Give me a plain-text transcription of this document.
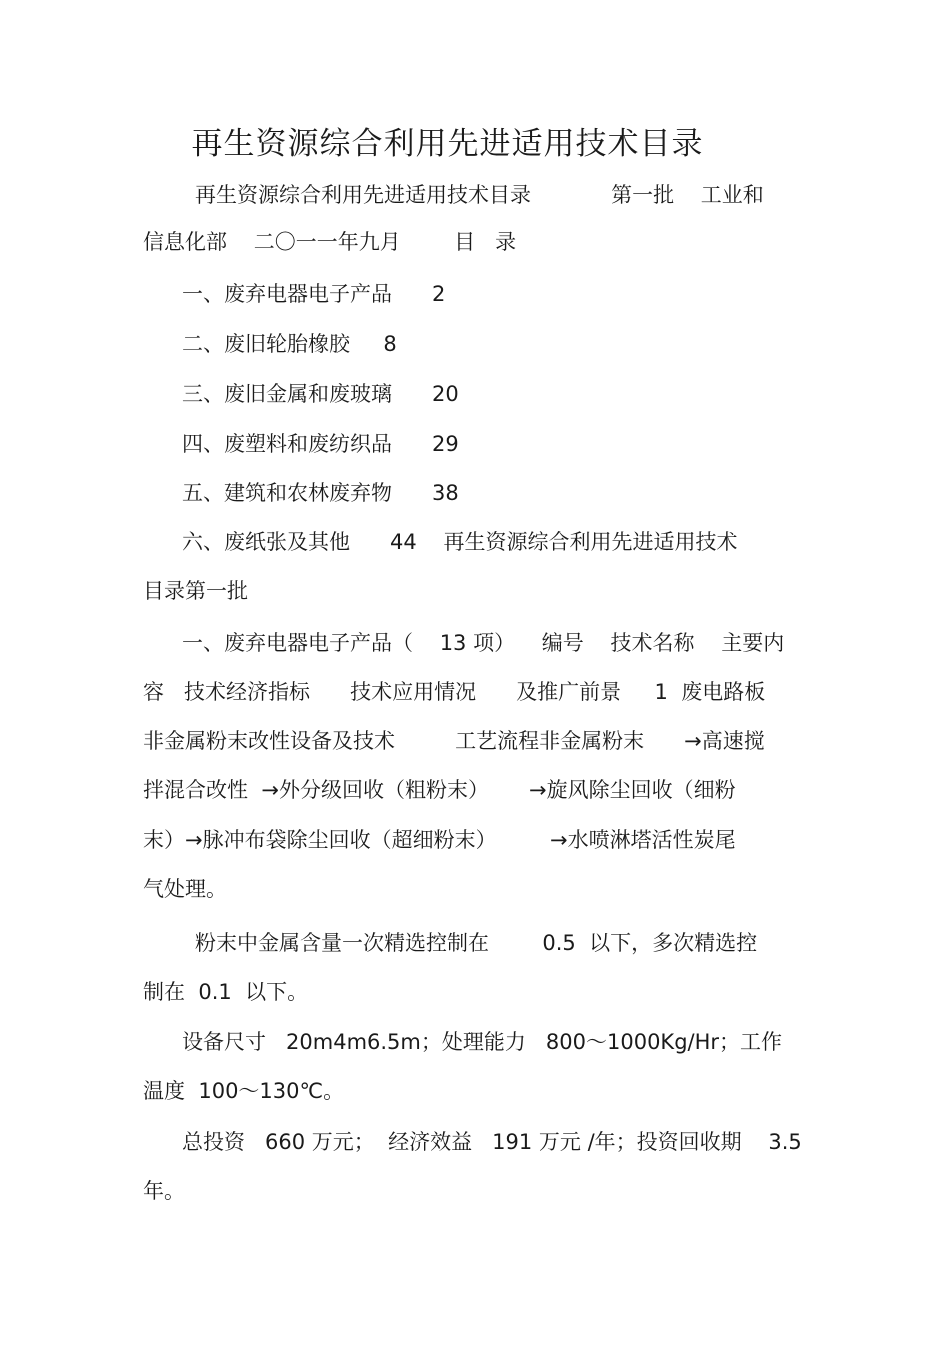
再生资源综合利用先进适用技术目录
再生资源综合利用先进适用技术目录            第一批    工业和
信息化部    二〇一一年九月        目   录
一、废弃电器电子产品      2
二、废旧轮胎橡胶     8
三、废旧金属和废玻璃      20
四、废塑料和废纺织品      29
五、建筑和农林废弃物      38
六、废纸张及其他      44    再生资源综合利用先进适用技术
目录第一批
一、废弃电器电子产品（    13 项）    编号    技术名称    主要内
容   技术经济指标      技术应用情况      及推广前景     1  废电路板
非金属粉末改性设备及技术         工艺流程非金属粉末      →高速搅
拌混合改性  →外分级回收（粗粉末）      →旋风除尘回收（细粉
末）→脉冲布袋除尘回收（超细粉末）        →水喷淋塔活性炭尾
气处理。
粉末中金属含量一次精选控制在        0.5  以下，多次精选控
制在  0.1  以下。
设备尺寸   20m4m6.5m；处理能力   800～1000Kg/Hr；工作
温度  100～130℃。
总投资   660 万元；  经济效益   191 万元 /年；投资回收期    3.5
年。
